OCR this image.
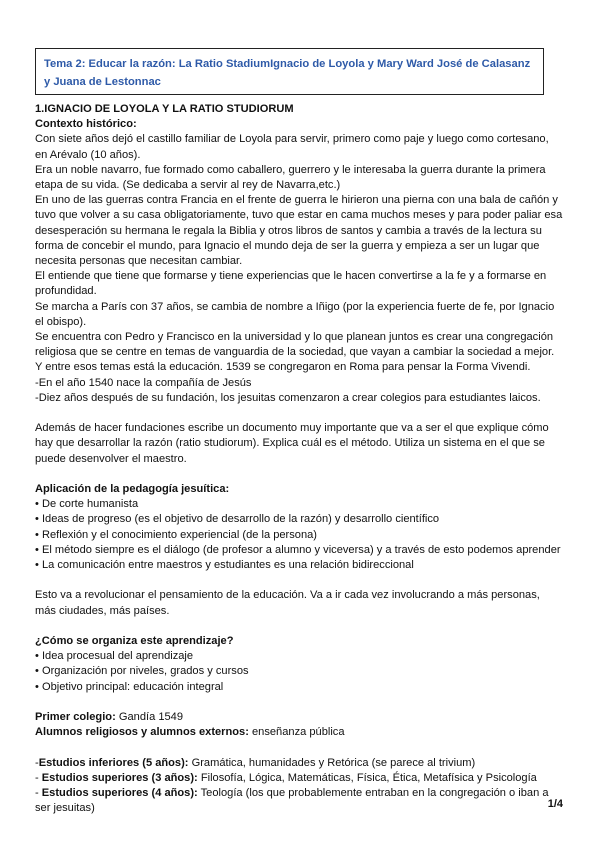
Tema 2: Educar la razón: La Ratio StadiumIgnacio de Loyola y Mary Ward José de Calasanz y Juana de Lestonnac

1.IGNACIO DE LOYOLA Y LA RATIO STUDIORUM

Contexto histórico:

Con siete años dejó el castillo familiar de Loyola para servir, primero como paje y luego como cortesano, en Arévalo (10 años).

Era un noble navarro, fue formado como caballero, guerrero y le interesaba la guerra durante la primera etapa de su vida. (Se dedicaba a servir al rey de Navarra,etc.)

En uno de las guerras contra Francia en el frente de guerra le hirieron una pierna con una bala de cañón y tuvo que volver a su casa obligatoriamente, tuvo que estar en cama muchos meses y para poder paliar esa desesperación su hermana le regala la Biblia y otros libros de santos y cambia a través de la lectura su forma de concebir el mundo, para Ignacio el mundo deja de ser la guerra y empieza a ser un lugar que necesita personas que necesitan cambiar.

El entiende que tiene que formarse y tiene experiencias que le hacen convertirse a la fe y a formarse en profundidad.

Se marcha a París con 37 años, se cambia de nombre a Iñigo (por la experiencia fuerte de fe, por Ignacio el obispo).

Se encuentra con Pedro y Francisco en la universidad y lo que planean juntos es crear una congregación religiosa que se centre en temas de vanguardia de la sociedad, que vayan a cambiar la sociedad a mejor. Y entre esos temas está la educación. 1539 se congregaron en Roma para pensar la Forma Vivendi.

-En el año 1540 nace la compañía de Jesús

-Diez años después de su fundación, los jesuitas comenzaron a crear colegios para estudiantes laicos.

Además de hacer fundaciones escribe un documento muy importante que va a ser el que explique cómo hay que desarrollar la razón (ratio studiorum). Explica cuál es el método. Utiliza un sistema en el que se puede desenvolver el maestro.

Aplicación de la pedagogía jesuítica:

• De corte humanista

• Ideas de progreso (es el objetivo de desarrollo de la razón) y desarrollo científico

• Reflexión y el conocimiento experiencial (de la persona)

• El método siempre es el diálogo (de profesor a alumno y viceversa) y a través de esto podemos aprender

• La comunicación entre maestros y estudiantes es una relación bidireccional

Esto va a revolucionar el pensamiento de la educación. Va a ir cada vez involucrando a más personas, más ciudades, más países.

¿Cómo se organiza este aprendizaje?

• Idea procesual del aprendizaje

• Organización por niveles, grados y cursos

• Objetivo principal: educación integral

Primer colegio: Gandía 1549

Alumnos religiosos y alumnos externos: enseñanza pública

-Estudios inferiores (5 años): Gramática, humanidades y Retórica (se parece al trivium)

- Estudios superiores (3 años): Filosofía, Lógica, Matemáticas, Física, Ética, Metafísica y Psicología

- Estudios superiores (4 años): Teología (los que probablemente entraban en la congregación o iban a ser jesuitas)	1/4
